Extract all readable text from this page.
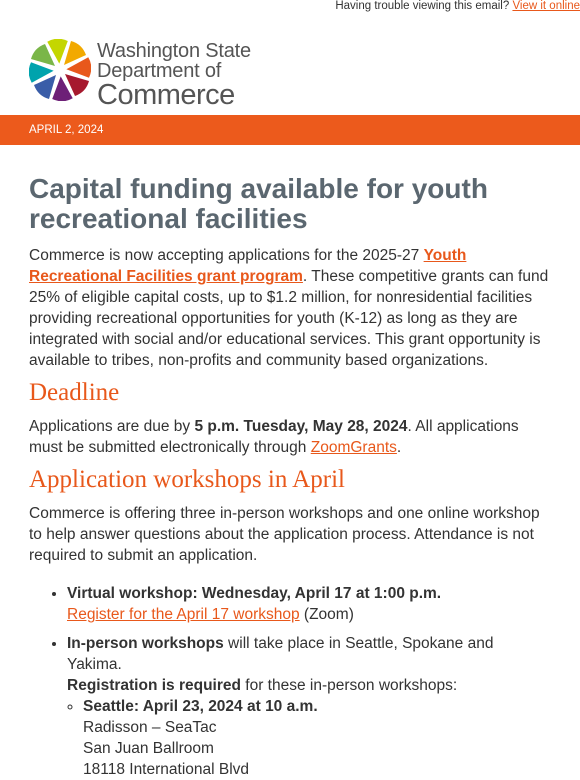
Having trouble viewing this email? View it online
Washington State
Department of
Commerce
APRIL 2, 2024
Capital funding available for youth recreational facilities

Commerce is now accepting applications for the 2025-27 Youth Recreational Facilities grant program. These competitive grants can fund 25% of eligible capital costs, up to $1.2 million, for nonresidential facilities providing recreational opportunities for youth (K-12) as long as they are integrated with social and/or educational services. This grant opportunity is available to tribes, non-profits and community based organizations.

Deadline

Applications are due by 5 p.m. Tuesday, May 28, 2024. All applications must be submitted electronically through ZoomGrants.

Application workshops in April

Commerce is offering three in-person workshops and one online workshop to help answer questions about the application process. Attendance is not required to submit an application.

• Virtual workshop: Wednesday, April 17 at 1:00 p.m.
Register for the April 17 workshop (Zoom)
• In-person workshops will take place in Seattle, Spokane and Yakima.
Registration is required for these in-person workshops:
◦ Seattle: April 23, 2024 at 10 a.m.
Radisson – SeaTac
San Juan Ballroom
18118 International Blvd
